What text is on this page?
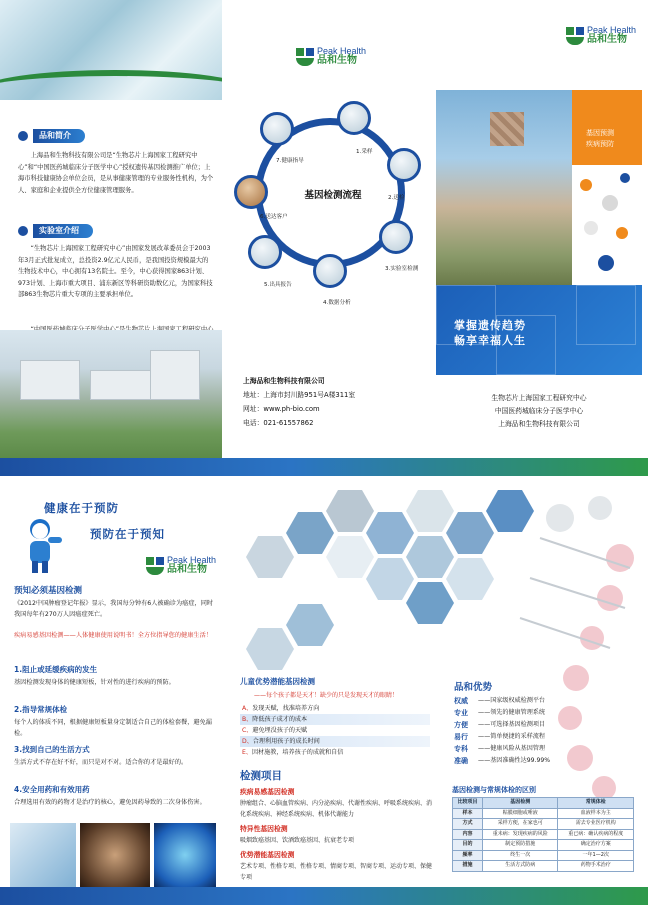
品和简介
上海品和生物科技有限公司是“生物芯片上海国家工程研究中心”和“中国医药城临床分子医学中心”授权遗传基因检测推广单位；上海市科技健康协会单位会员，是从事健康管理的专业服务性机构，为个人、家庭和企业提供全方位健康管理服务。
实验室介绍
“生物芯片上海国家工程研究中心”由国家发展改革委员会于2003年3月正式批复成立，总投资2.9亿元人民币，是我国投资规模最大的生物技术中心，中心拥有13名院士。至今，中心获得国家863计划、973计划、上海市重大项目、浦东新区等科研资助数亿元，为国家科技部863生物芯片重大专项的主要承担单位。
Peak Health
品和生物
基因检测流程
1.采样
2.送检
3.实验室检测
4.数据分析
5.出具报告
6.送达客户
7.健康指导
上海品和生物科技有限公司
地址：上海市封川路951号A楼311室
网址：www.ph-bio.com
电话：021-61557862
Peak Health
品和生物
基因预测
疾病预防
掌握遗传趋势
畅享幸福人生
生物芯片上海国家工程研究中心
中国医药城临床分子医学中心
上海品和生物科技有限公司
健康在于预防
预防在于预知
Peak Health
品和生物
预知必须基因检测
《2012中国肿瘤登记年报》显示，我国每分钟有6人被确诊为癌症，同时我国每年有270万人因癌症死亡。
疾病易感基因检测——人体健康使用说明书！全方位指导您的健康生活！
1.阻止或延缓疾病的发生
基因检测发现身体的健康短板，针对性的进行疾病的预防。
2.指导常规体检
每个人的体质不同，根据健康短板量身定制适合自己的体检套餐，避免漏检。
3.找到自己的生活方式
生活方式不存在好不好，而只是对不对。适合你的才是最好的。
4.安全用药和有效用药
合理选用有效的药物才是治疗的核心，避免因药导致的二次身体伤害。
儿童优势潜能基因检测
——每个孩子都是天才！缺少的只是发现天才的眼睛！
A、发现天赋，找准培养方向
B、降低孩子成才的成本
C、避免埋没孩子的天赋
D、合理利用孩子的成长时间
E、因材施教，培养孩子的成就和自信
检测项目
疾病易感基因检测
肿瘤组合、心脑血管疾病、内分泌疾病、代谢性疾病、呼吸系统疾病、消化系统疾病、神经系统疾病、机体代谢能力
特异性基因检测
吸烟致癌基因、饮酒致癌基因、抗衰老专项
优势潜能基因检测
艺术专项、性格专项、性格专项、情商专项、智商专项、运动专项、保健专项
品和优势
权威	——国家级权威检测平台
专业	——领先的健康管理系统
方便	——可选择基因检测项目
易行	——简单便捷的采样流程
专科	——健康风险从基因管理
准确	——基因准确性达99.99%
基因检测与常规体检的区别
比较项目	基因检测	常规体检
样本	粘膜细胞或唾液	血液样本为主
方式	采样方便，在家也可	需去专业医疗机构
内容	重未病：发现疾病的风险	重已病：确认疾病的程度
目的	制定预防措施	确定治疗方案
频率	终生一次	一年1—2次
措施	生活方式防病	药物手术治疗
